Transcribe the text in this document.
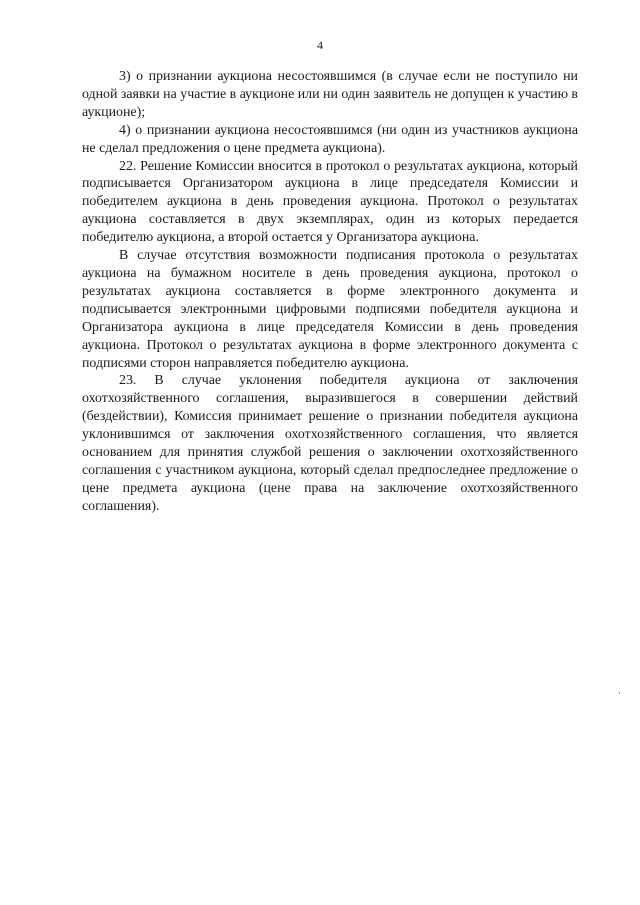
4

3) о признании аукциона несостоявшимся (в случае если не поступило ни одной заявки на участие в аукционе или ни один заявитель не допущен к участию в аукционе);

4) о признании аукциона несостоявшимся (ни один из участников аукциона не сделал предложения о цене предмета аукциона).

22. Решение Комиссии вносится в протокол о результатах аукциона, который подписывается Организатором аукциона в лице председателя Комиссии и победителем аукциона в день проведения аукциона. Протокол о результатах аукциона составляется в двух экземплярах, один из которых передается победителю аукциона, а второй остается у Организатора аукциона.

В случае отсутствия возможности подписания протокола о результатах аукциона на бумажном носителе в день проведения аукциона, протокол о результатах аукциона составляется в форме электронного документа и подписывается электронными цифровыми подписями победителя аукциона и Организатора аукциона в лице председателя Комиссии в день проведения аукциона. Протокол о результатах аукциона в форме электронного документа с подписями сторон направляется победителю аукциона.

23. В случае уклонения победителя аукциона от заключения охотхозяйственного соглашения, выразившегося в совершении действий (бездействии), Комиссия принимает решение о признании победителя аукциона уклонившимся от заключения охотхозяйственного соглашения, что является основанием для принятия службой решения о заключении охотхозяйственного соглашения с участником аукциона, который сделал предпоследнее предложение о цене предмета аукциона (цене права на заключение охотхозяйственного соглашения).
